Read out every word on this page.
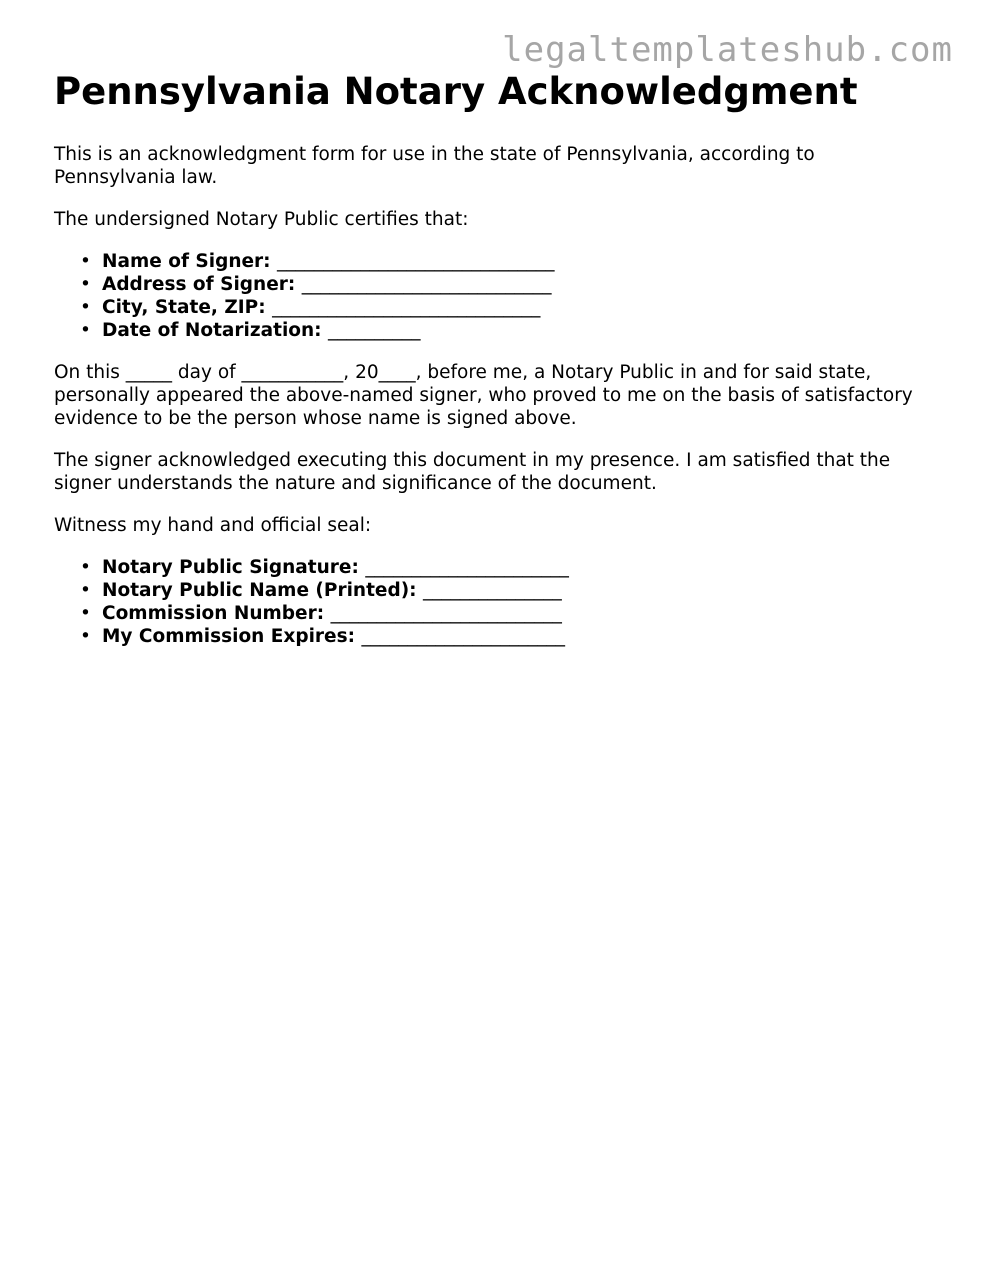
legaltemplateshub.com
Pennsylvania Notary Acknowledgment

This is an acknowledgment form for use in the state of Pennsylvania, according to Pennsylvania law.

The undersigned Notary Public certifies that:

• Name of Signer: ______________________________
• Address of Signer: ___________________________
• City, State, ZIP: _____________________________
• Date of Notarization: __________

On this _____ day of ___________, 20____, before me, a Notary Public in and for said state, personally appeared the above-named signer, who proved to me on the basis of satisfactory evidence to be the person whose name is signed above.

The signer acknowledged executing this document in my presence. I am satisfied that the signer understands the nature and significance of the document.

Witness my hand and official seal:

• Notary Public Signature: ______________________
• Notary Public Name (Printed): _______________
• Commission Number: _________________________
• My Commission Expires: ______________________
